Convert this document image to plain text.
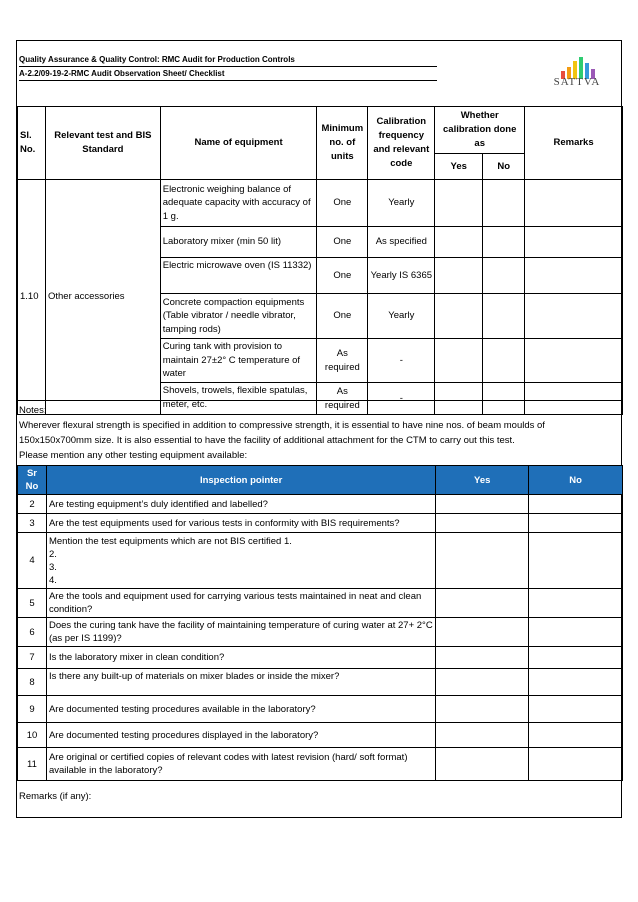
Quality Assurance & Quality Control: RMC Audit for Production Controls
A-2.2/09-19-2-RMC Audit Observation Sheet/ Checklist
SATTVA
Sl. No.	Relevant test and BIS Standard	Name of equipment	Minimum no. of units	Calibration frequency and relevant code	Whether calibration done as		Remarks
					Yes	No	
1.10	Other accessories	Electronic weighing balance of adequate capacity with accuracy of 1 g.	One	Yearly			
		Laboratory mixer (min 50 lit)	One	As specified			
		Electric microwave oven (IS 11332)	One	Yearly IS 6365			
		Concrete compaction equipments (Table vibrator / needle vibrator, tamping rods)	One	Yearly			
		Curing tank with provision to maintain 27±2° C temperature of water	As required	-			
		Shovels, trowels, flexible spatulas, meter, etc.	As required	-			
Notes:
Wherever flexural strength is specified in addition to compressive strength, it is essential to have nine nos. of beam moulds of
150x150x700mm size. It is also essential to have the facility of additional attachment for the CTM to carry out this test.
Please mention any other testing equipment available:
Sr No	Inspection pointer	Yes	No
2	Are testing equipment’s duly identified and labelled?		
3	Are the test equipments used for various tests in conformity with BIS requirements?		
4	Mention the test equipments which are not BIS certified 1.
2.
3.
4.		

5	Are the tools and equipment used for carrying various tests maintained in neat and clean condition?		
6	Does the curing tank have the facility of maintaining temperature of curing water at 27+ 2°C (as per IS 1199)?		
7	Is the laboratory mixer in clean condition?		
8	Is there any built-up of materials on mixer blades or inside the mixer?		
9	Are documented testing procedures available in the laboratory?		
10	Are documented testing procedures displayed in the laboratory?		
11	Are original or certified copies of relevant codes with latest revision (hard/ soft format) available in the laboratory?		
Remarks (if any):
